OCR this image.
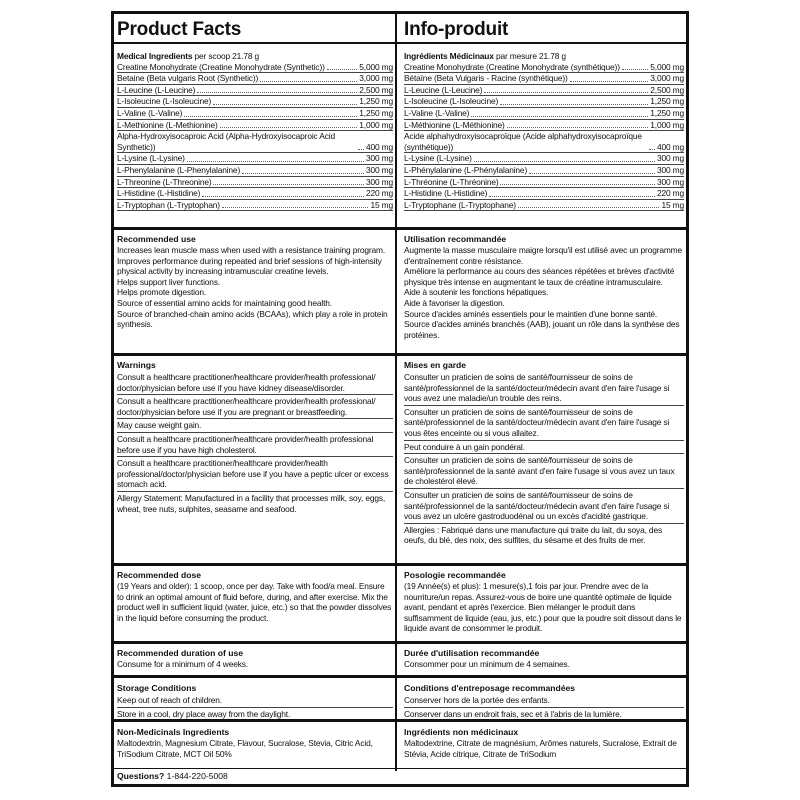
Product Facts	Info-produit
Medical Ingredients per scoop 21.78 g
Creatine Monohydrate (Creatine Monohydrate (Synthetic))	5,000 mg
Betaine (Beta vulgaris Root (Synthetic))	3,000 mg
L-Leucine (L-Leucine)	2,500 mg
L-Isoleucine (L-Isoleucine)	1,250 mg
L-Valine (L-Valine)	1,250 mg
L-Methionine (L-Methionine)	1,000 mg
Alpha-Hydroxyisocaproic Acid (Alpha-Hydroxyisocaproic Acid Synthetic))	400 mg
L-Lysine (L-Lysine)	300 mg
L-Phenylalanine (L-Phenylalanine)	300 mg
L-Threonine (L-Threonine)	300 mg
L-Histidine (L-Histidine)	220 mg
L-Tryptophan (L-Tryptophan)	15 mg
Ingrédients Médicinaux par mesure 21.78 g
Creatine Monohydrate (Creatine Monohydrate (synthétique))	5,000 mg
Bétaïne (Beta Vulgaris - Racine (synthétique))	3,000 mg
L-Leucine (L-Leucine)	2,500 mg
L-Isoleucine (L-Isoleucine)	1,250 mg
L-Valine (L-Valine)	1,250 mg
L-Méthionine (L-Méthionine)	1,000 mg
Acide alphahydroxyisocaproïque (Acide alphahydroxyisocaproïque (synthétique))	400 mg
L-Lysine (L-Lysine)	300 mg
L-Phénylalanine (L-Phénylalanine)	300 mg
L-Thréonine (L-Thréonine)	300 mg
L-Histidine (L-Histidine)	220 mg
L-Tryptophane (L-Tryptophane)	15 mg
Recommended use
Increases lean muscle mass when used with a resistance training program.
Improves performance during repeated and brief sessions of high-intensity physical activity by increasing intramuscular creatine levels.
Helps support liver functions.
Helps promote digestion.
Source of essential amino acids for maintaining good health.
Source of branched-chain amino acids (BCAAs), which play a role in protein synthesis.
Utilisation recommandée
Augmente la masse musculaire maigre lorsqu'il est utilisé avec un programme d'entraînement contre résistance.
Améliore la performance au cours des séances répétées et brèves d'activité physique très intense en augmentant le taux de créatine intramusculaire.
Aide à soutenir les fonctions hépatiques.
Aide à favoriser la digestion.
Source d'acides aminés essentiels pour le maintien d'une bonne santé.
Source d'acides aminés branchés (AAB), jouant un rôle dans la synthèse des protéines.
Warnings
Consult a healthcare practitioner/healthcare provider/health professional/ doctor/physician before use if you have kidney disease/disorder.
Consult a healthcare practitioner/healthcare provider/health professional/ doctor/physician before use if you are pregnant or breastfeeding.
May cause weight gain.
Consult a healthcare practitioner/healthcare provider/health professional before use if you have high cholesterol.
Consult a healthcare practitioner/healthcare provider/health professional/doctor/physician before use if you have a peptic ulcer or excess stomach acid.
Allergy Statement: Manufactured in a facility that processes milk, soy, eggs, wheat, tree nuts, sulphites, seasame and seafood.
Mises en garde
Consulter un praticien de soins de santé/fournisseur de soins de santé/professionnel de la santé/docteur/médecin avant d'en faire l'usage si vous avez une maladie/un trouble des reins.
Consulter un praticien de soins de santé/fournisseur de soins de santé/professionnel de la santé/docteur/médecin avant d'en faire l'usage si vous êtes enceinte ou si vous allaitez.
Peut conduire à un gain pondéral.
Consulter un praticien de soins de santé/fournisseur de soins de santé/professionnel de la santé avant d'en faire l'usage si vous avez un taux de cholestérol élevé.
Consulter un praticien de soins de santé/fournisseur de soins de santé/professionnel de la santé/docteur/médecin avant d'en faire l'usage si vous avez un ulcère gastroduodénal ou un excès d'acidité gastrique.
Allergies : Fabriqué dans une manufacture qui traite du lait, du soya, des oeufs, du blé, des noix, des sulfites, du sésame et des fruits de mer.
Recommended dose
(19 Years and older): 1 scoop, once per day. Take with food/a meal. Ensure to drink an optimal amount of fluid before, during, and after exercise. Mix the product well in sufficient liquid (water, juice, etc.) so that the powder dissolves in the liquid before consuming the product.
Posologie recommandée
(19 Année(s) et plus): 1 mesure(s),1 fois par jour. Prendre avec de la nourriture/un repas. Assurez-vous de boire une quantité optimale de liquide avant, pendant et après l'exercice. Bien mélanger le produit dans suffisamment de liquide (eau, jus, etc.) pour que la poudre soit dissout dans le liquide avant de consommer le produit.
Recommended duration of use
Consume for a minimum of 4 weeks.
Durée d'utilisation recommandée
Consommer pour un minimum de 4 semaines.
Storage Conditions
Keep out of reach of children.
Store in a cool, dry place away from the daylight.
Conditions d'entreposage recommandées
Conserver hors de la portée des enfants.
Conserver dans un endroit frais, sec et à l'abris de la lumière.
Non-Medicinals Ingredients
Maltodextrin, Magnesium Citrate, Flavour, Sucralose, Stevia, Citric Acid, TriSodium Citrate, MCT Oil 50%
Ingrédients non médicinaux
Maltodextrine, Citrate de magnésium, Arômes naturels, Sucralose, Extrait de Stévia, Acide citrique, Citrate de TriSodium
Questions? 1-844-220-5008
